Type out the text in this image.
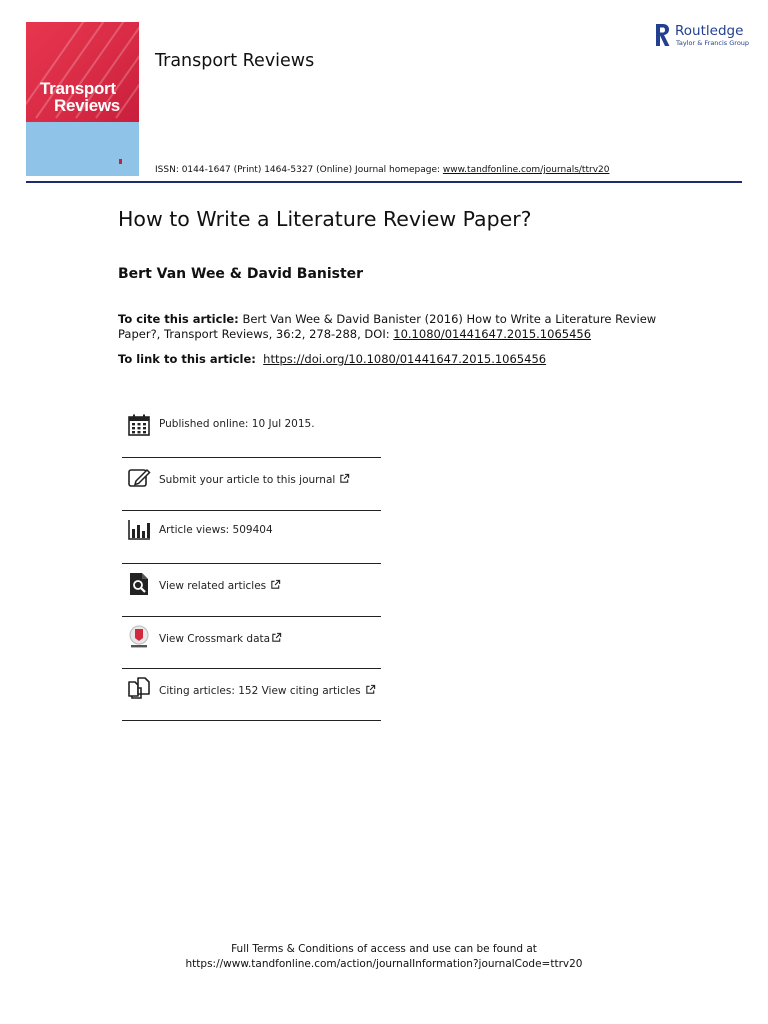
Transport
Reviews
Transport Reviews
Routledge
Taylor & Francis Group
ISSN: 0144-1647 (Print) 1464-5327 (Online) Journal homepage: www.tandfonline.com/journals/ttrv20
How to Write a Literature Review Paper?
Bert Van Wee & David Banister
To cite this article: Bert Van Wee & David Banister (2016) How to Write a Literature Review Paper?, Transport Reviews, 36:2, 278-288, DOI: 10.1080/01441647.2015.1065456
To link to this article: https://doi.org/10.1080/01441647.2015.1065456
Published online: 10 Jul 2015.
Submit your article to this journal
Article views: 509404
View related articles
View Crossmark data
Citing articles: 152 View citing articles
Full Terms & Conditions of access and use can be found at
https://www.tandfonline.com/action/journalInformation?journalCode=ttrv20
